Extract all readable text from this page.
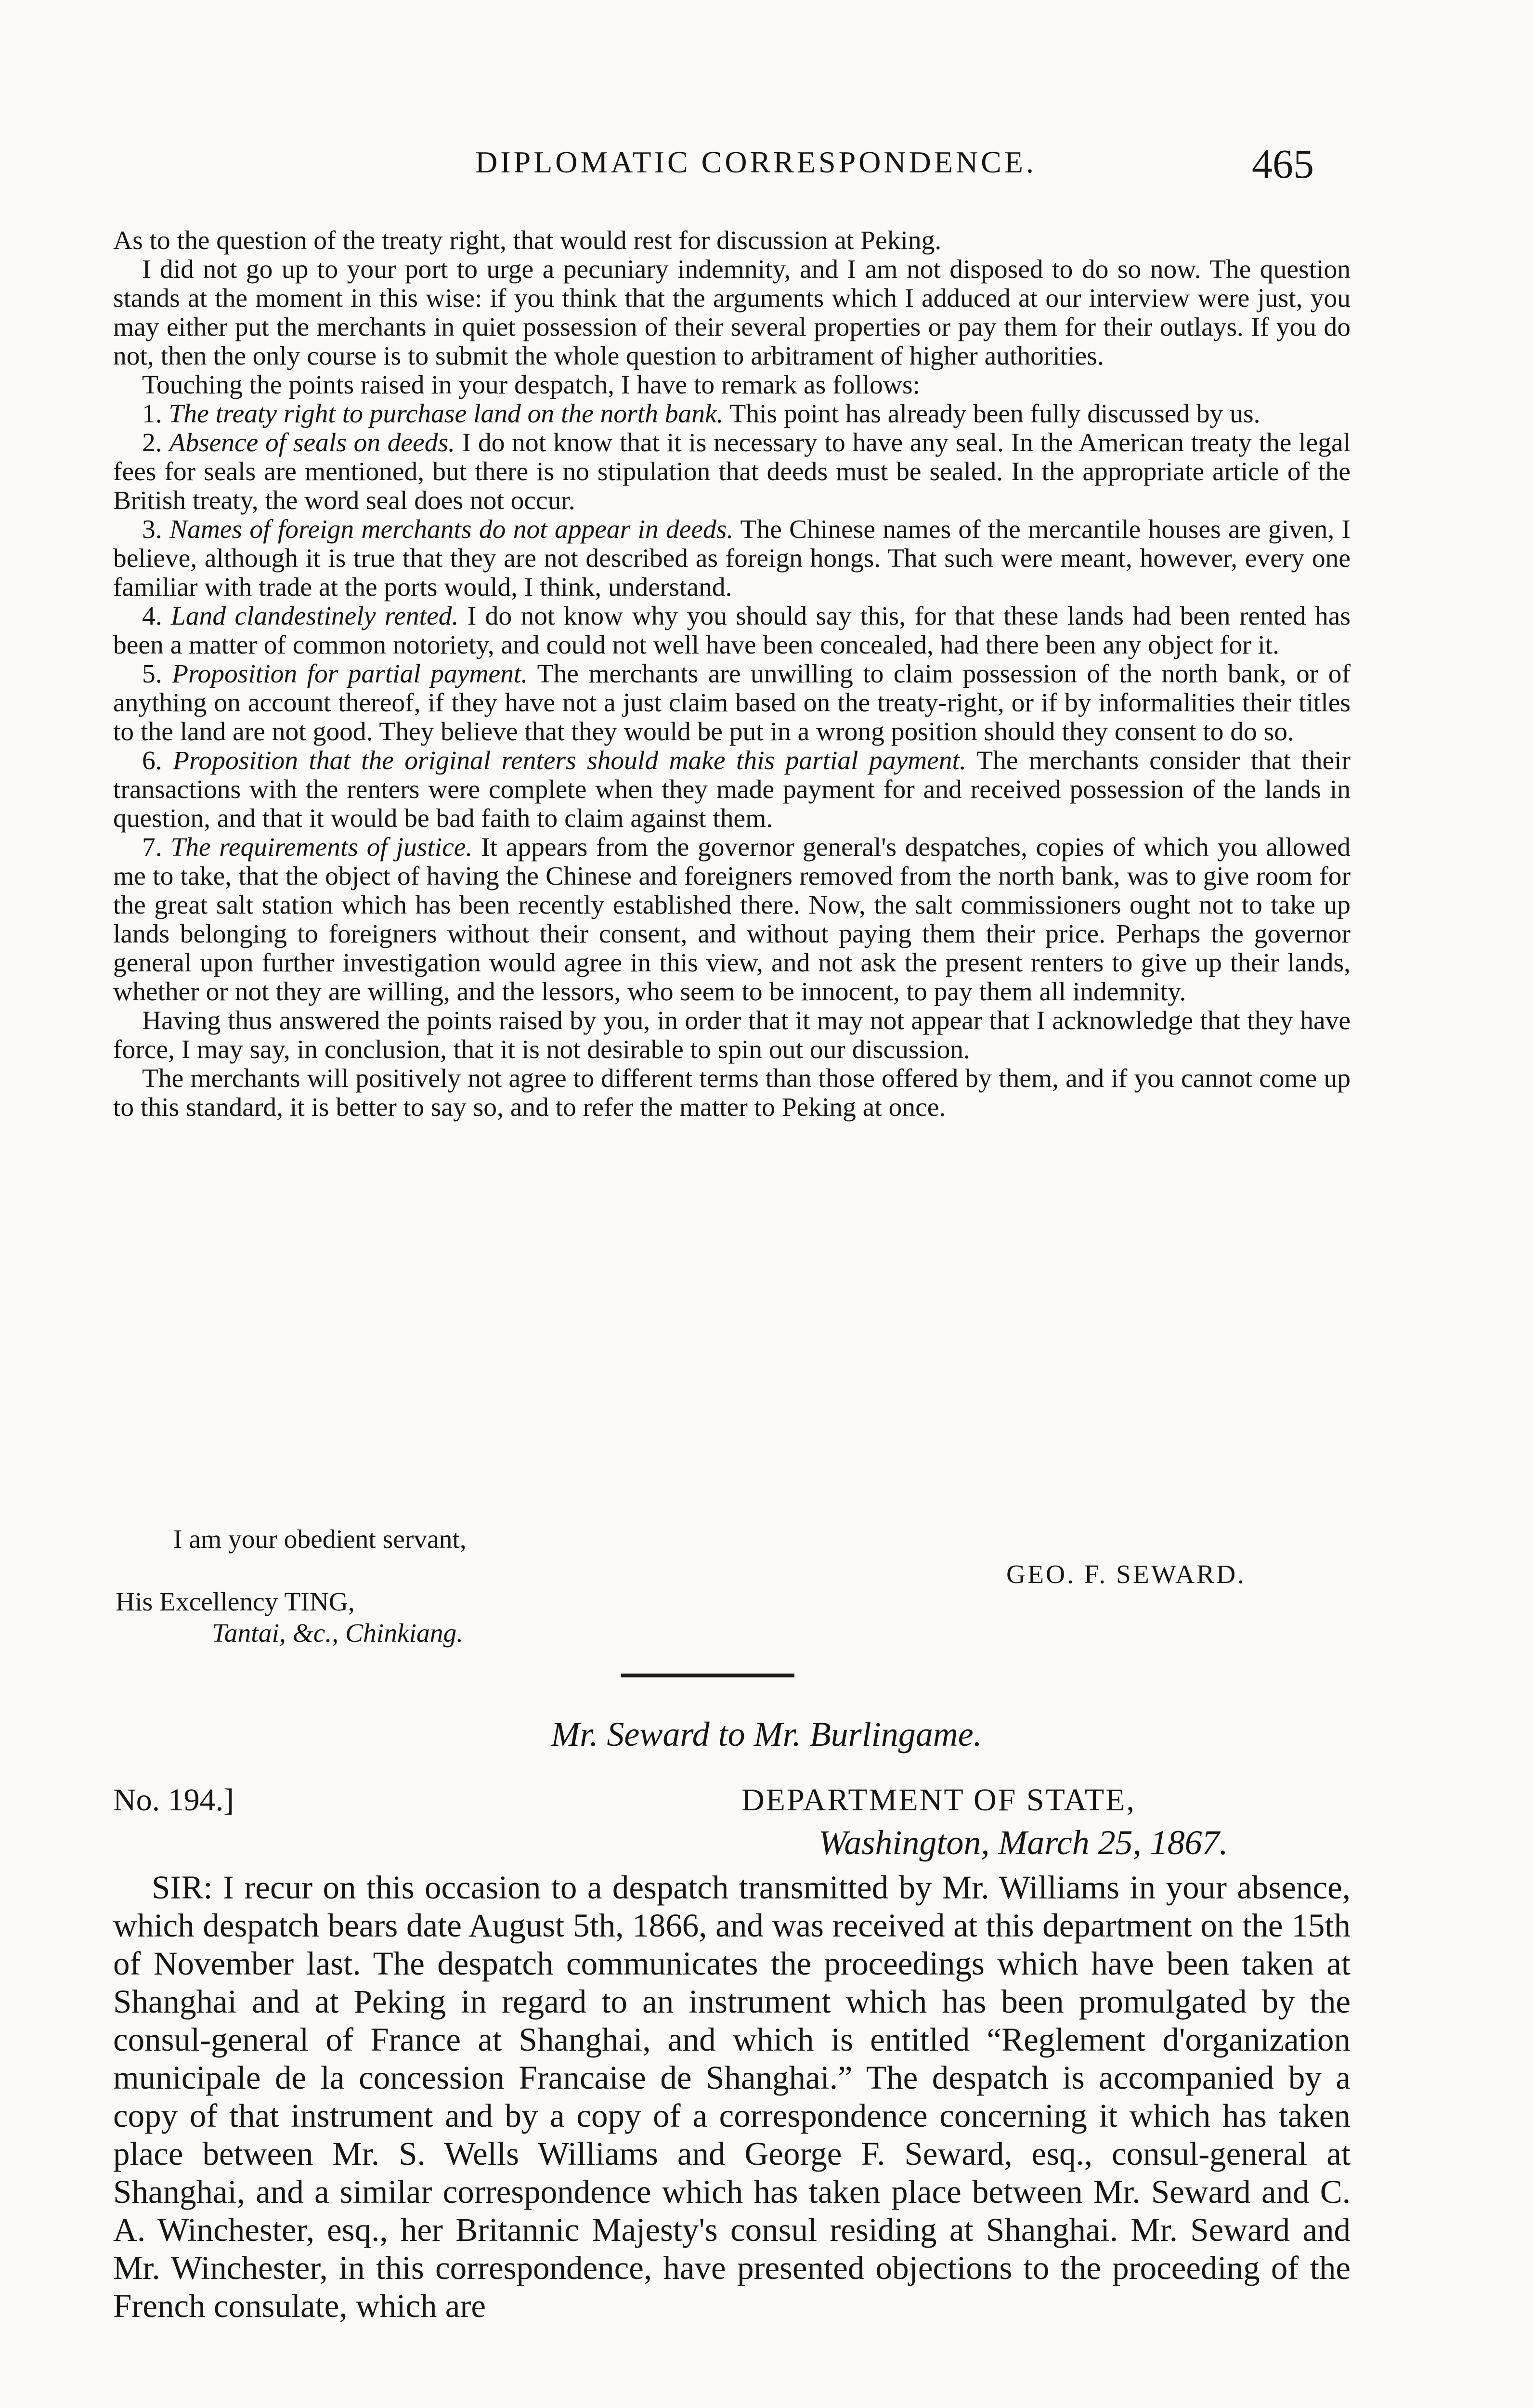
DIPLOMATIC CORRESPONDENCE.	465

As to the question of the treaty right, that would rest for discussion at Peking.

I did not go up to your port to urge a pecuniary indemnity, and I am not disposed to do so now. The question stands at the moment in this wise: if you think that the arguments which I adduced at our interview were just, you may either put the merchants in quiet possession of their several properties or pay them for their outlays. If you do not, then the only course is to submit the whole question to arbitrament of higher authorities.

Touching the points raised in your despatch, I have to remark as follows:

1. The treaty right to purchase land on the north bank. This point has already been fully discussed by us.

2. Absence of seals on deeds. I do not know that it is necessary to have any seal. In the American treaty the legal fees for seals are mentioned, but there is no stipulation that deeds must be sealed. In the appropriate article of the British treaty, the word seal does not occur.

3. Names of foreign merchants do not appear in deeds. The Chinese names of the mercantile houses are given, I believe, although it is true that they are not described as foreign hongs. That such were meant, however, every one familiar with trade at the ports would, I think, understand.

4. Land clandestinely rented. I do not know why you should say this, for that these lands had been rented has been a matter of common notoriety, and could not well have been concealed, had there been any object for it.

5. Proposition for partial payment. The merchants are unwilling to claim possession of the north bank, or of anything on account thereof, if they have not a just claim based on the treaty-right, or if by informalities their titles to the land are not good. They believe that they would be put in a wrong position should they consent to do so.

6. Proposition that the original renters should make this partial payment. The merchants consider that their transactions with the renters were complete when they made payment for and received possession of the lands in question, and that it would be bad faith to claim against them.

7. The requirements of justice. It appears from the governor general's despatches, copies of which you allowed me to take, that the object of having the Chinese and foreigners removed from the north bank, was to give room for the great salt station which has been recently established there. Now, the salt commissioners ought not to take up lands belonging to foreigners without their consent, and without paying them their price. Perhaps the governor general upon further investigation would agree in this view, and not ask the present renters to give up their lands, whether or not they are willing, and the lessors, who seem to be innocent, to pay them all indemnity.

Having thus answered the points raised by you, in order that it may not appear that I acknowledge that they have force, I may say, in conclusion, that it is not desirable to spin out our discussion.

The merchants will positively not agree to different terms than those offered by them, and if you cannot come up to this standard, it is better to say so, and to refer the matter to Peking at once.

I am your obedient servant,
GEO. F. SEWARD.
His Excellency TING,
Tantai, &c., Chinkiang.
Mr. Seward to Mr. Burlingame.
No. 194.]	DEPARTMENT OF STATE,
Washington, March 25, 1867.

SIR: I recur on this occasion to a despatch transmitted by Mr. Williams in your absence, which despatch bears date August 5th, 1866, and was received at this department on the 15th of November last. The despatch communicates the proceedings which have been taken at Shanghai and at Peking in regard to an instrument which has been promulgated by the consul-general of France at Shanghai, and which is entitled “Reglement d'organization municipale de la concession Francaise de Shanghai.” The despatch is accompanied by a copy of that instrument and by a copy of a correspondence concerning it which has taken place between Mr. S. Wells Williams and George F. Seward, esq., consul-general at Shanghai, and a similar correspondence which has taken place between Mr. Seward and C. A. Winchester, esq., her Britannic Majesty's consul residing at Shanghai. Mr. Seward and Mr. Winchester, in this correspondence, have presented objections to the proceeding of the French consulate, which are
